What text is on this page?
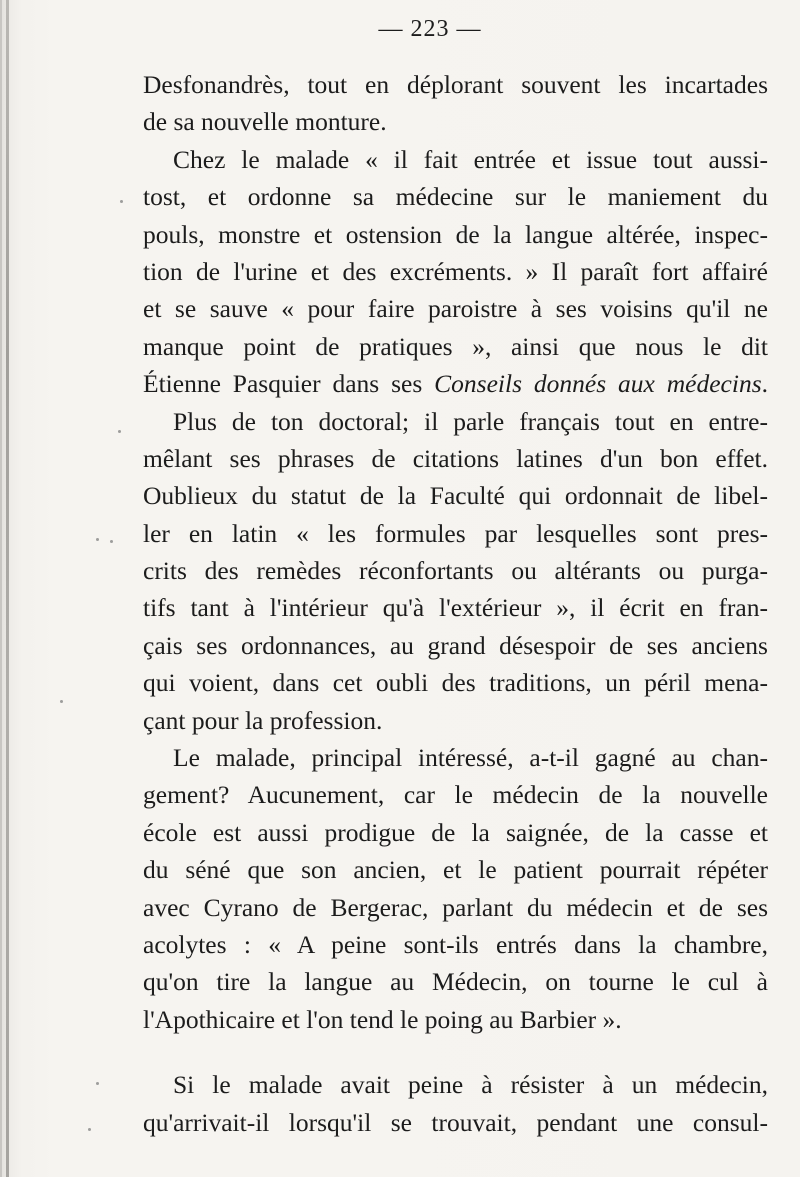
— 223 —
Desfonandrès, tout en déplorant souvent les incartades
de sa nouvelle monture.
Chez le malade « il fait entrée et issue tout aussi-
tost, et ordonne sa médecine sur le maniement du
pouls, monstre et ostension de la langue altérée, inspec-
tion de l'urine et des excréments. » Il paraît fort affairé
et se sauve « pour faire paroistre à ses voisins qu'il ne
manque point de pratiques », ainsi que nous le dit
Étienne Pasquier dans ses Conseils donnés aux médecins.
Plus de ton doctoral; il parle français tout en entre-
mêlant ses phrases de citations latines d'un bon effet.
Oublieux du statut de la Faculté qui ordonnait de libel-
ler en latin « les formules par lesquelles sont pres-
crits des remèdes réconfortants ou altérants ou purga-
tifs tant à l'intérieur qu'à l'extérieur », il écrit en fran-
çais ses ordonnances, au grand désespoir de ses anciens
qui voient, dans cet oubli des traditions, un péril mena-
çant pour la profession.
Le malade, principal intéressé, a-t-il gagné au chan-
gement? Aucunement, car le médecin de la nouvelle
école est aussi prodigue de la saignée, de la casse et
du séné que son ancien, et le patient pourrait répéter
avec Cyrano de Bergerac, parlant du médecin et de ses
acolytes : « A peine sont-ils entrés dans la chambre,
qu'on tire la langue au Médecin, on tourne le cul à
l'Apothicaire et l'on tend le poing au Barbier ».
Si le malade avait peine à résister à un médecin,
qu'arrivait-il lorsqu'il se trouvait, pendant une consul-
